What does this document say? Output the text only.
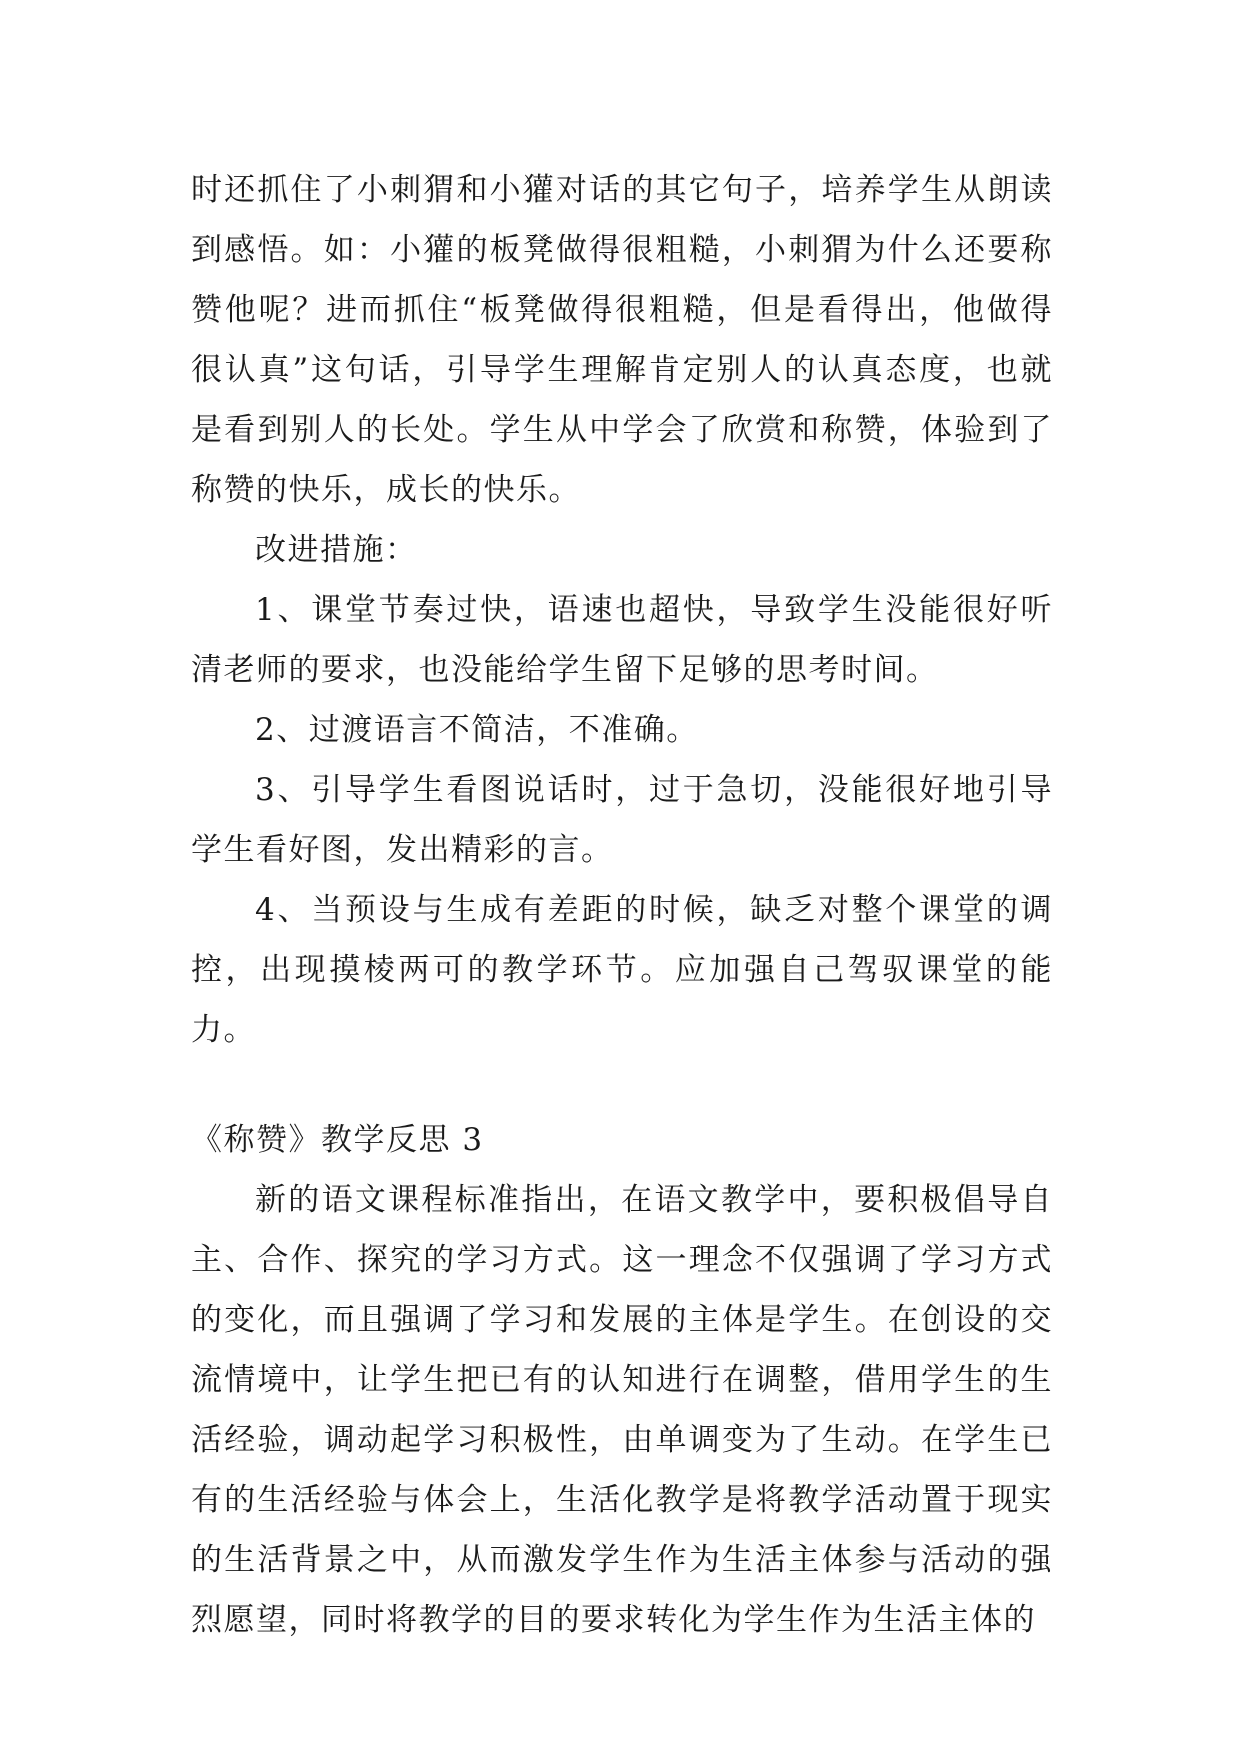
时还抓住了小刺猬和小獾对话的其它句子，培养学生从朗读到感悟。如：小獾的板凳做得很粗糙，小刺猬为什么还要称赞他呢？进而抓住“板凳做得很粗糙，但是看得出，他做得很认真”这句话，引导学生理解肯定别人的认真态度，也就是看到别人的长处。学生从中学会了欣赏和称赞，体验到了称赞的快乐，成长的快乐。

改进措施：

1、课堂节奏过快，语速也超快，导致学生没能很好听清老师的要求，也没能给学生留下足够的思考时间。

2、过渡语言不简洁，不准确。

3、引导学生看图说话时，过于急切，没能很好地引导学生看好图，发出精彩的言。

4、当预设与生成有差距的时候，缺乏对整个课堂的调控，出现摸棱两可的教学环节。应加强自己驾驭课堂的能力。

《称赞》教学反思 3

新的语文课程标准指出，在语文教学中，要积极倡导自主、合作、探究的学习方式。这一理念不仅强调了学习方式的变化，而且强调了学习和发展的主体是学生。在创设的交流情境中，让学生把已有的认知进行在调整，借用学生的生活经验，调动起学习积极性，由单调变为了生动。在学生已有的生活经验与体会上，生活化教学是将教学活动置于现实的生活背景之中，从而激发学生作为生活主体参与活动的强烈愿望，同时将教学的目的要求转化为学生作为生活主体的
